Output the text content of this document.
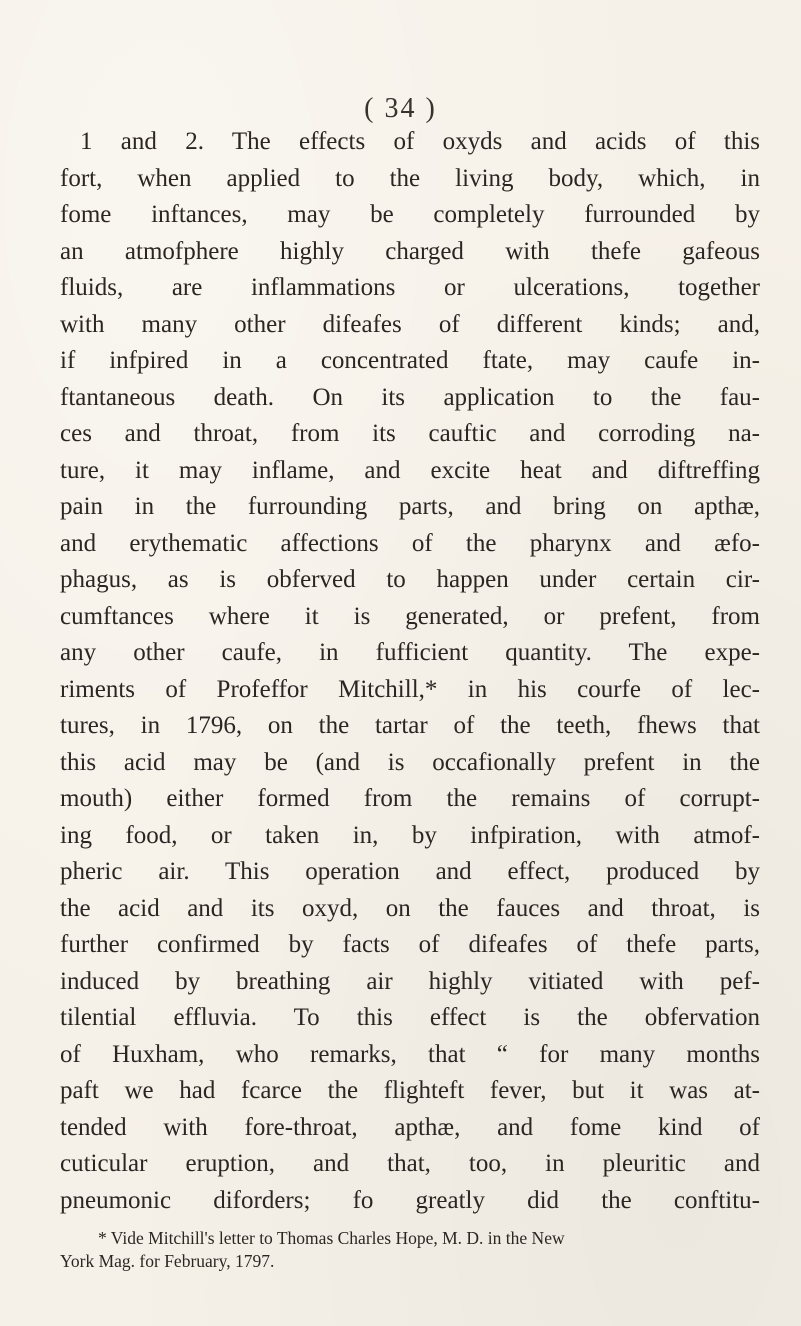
( 34 )
1 and 2. The effects of oxyds and acids of this
fort, when applied to the living body, which, in
fome inftances, may be completely furrounded by
an atmofphere highly charged with thefe gafeous
fluids, are inflammations or ulcerations, together
with many other difeafes of different kinds; and,
if infpired in a concentrated ftate, may caufe in-
ftantaneous death. On its application to the fau-
ces and throat, from its cauftic and corroding na-
ture, it may inflame, and excite heat and diftreffing
pain in the furrounding parts, and bring on apthæ,
and erythematic affections of the pharynx and æfo-
phagus, as is obferved to happen under certain cir-
cumftances where it is generated, or prefent, from
any other caufe, in fufficient quantity. The expe-
riments of Profeffor Mitchill,* in his courfe of lec-
tures, in 1796, on the tartar of the teeth, fhews that
this acid may be (and is occafionally prefent in the
mouth) either formed from the remains of corrupt-
ing food, or taken in, by infpiration, with atmof-
pheric air. This operation and effect, produced by
the acid and its oxyd, on the fauces and throat, is
further confirmed by facts of difeafes of thefe parts,
induced by breathing air highly vitiated with pef-
tilential effluvia. To this effect is the obfervation
of Huxham, who remarks, that “ for many months
paft we had fcarce the flighteft fever, but it was at-
tended with fore-throat, apthæ, and fome kind of
cuticular eruption, and that, too, in pleuritic and
pneumonic diforders; fo greatly did the conftitu-
* Vide Mitchill's letter to Thomas Charles Hope, M. D. in the New
York Mag. for February, 1797.
